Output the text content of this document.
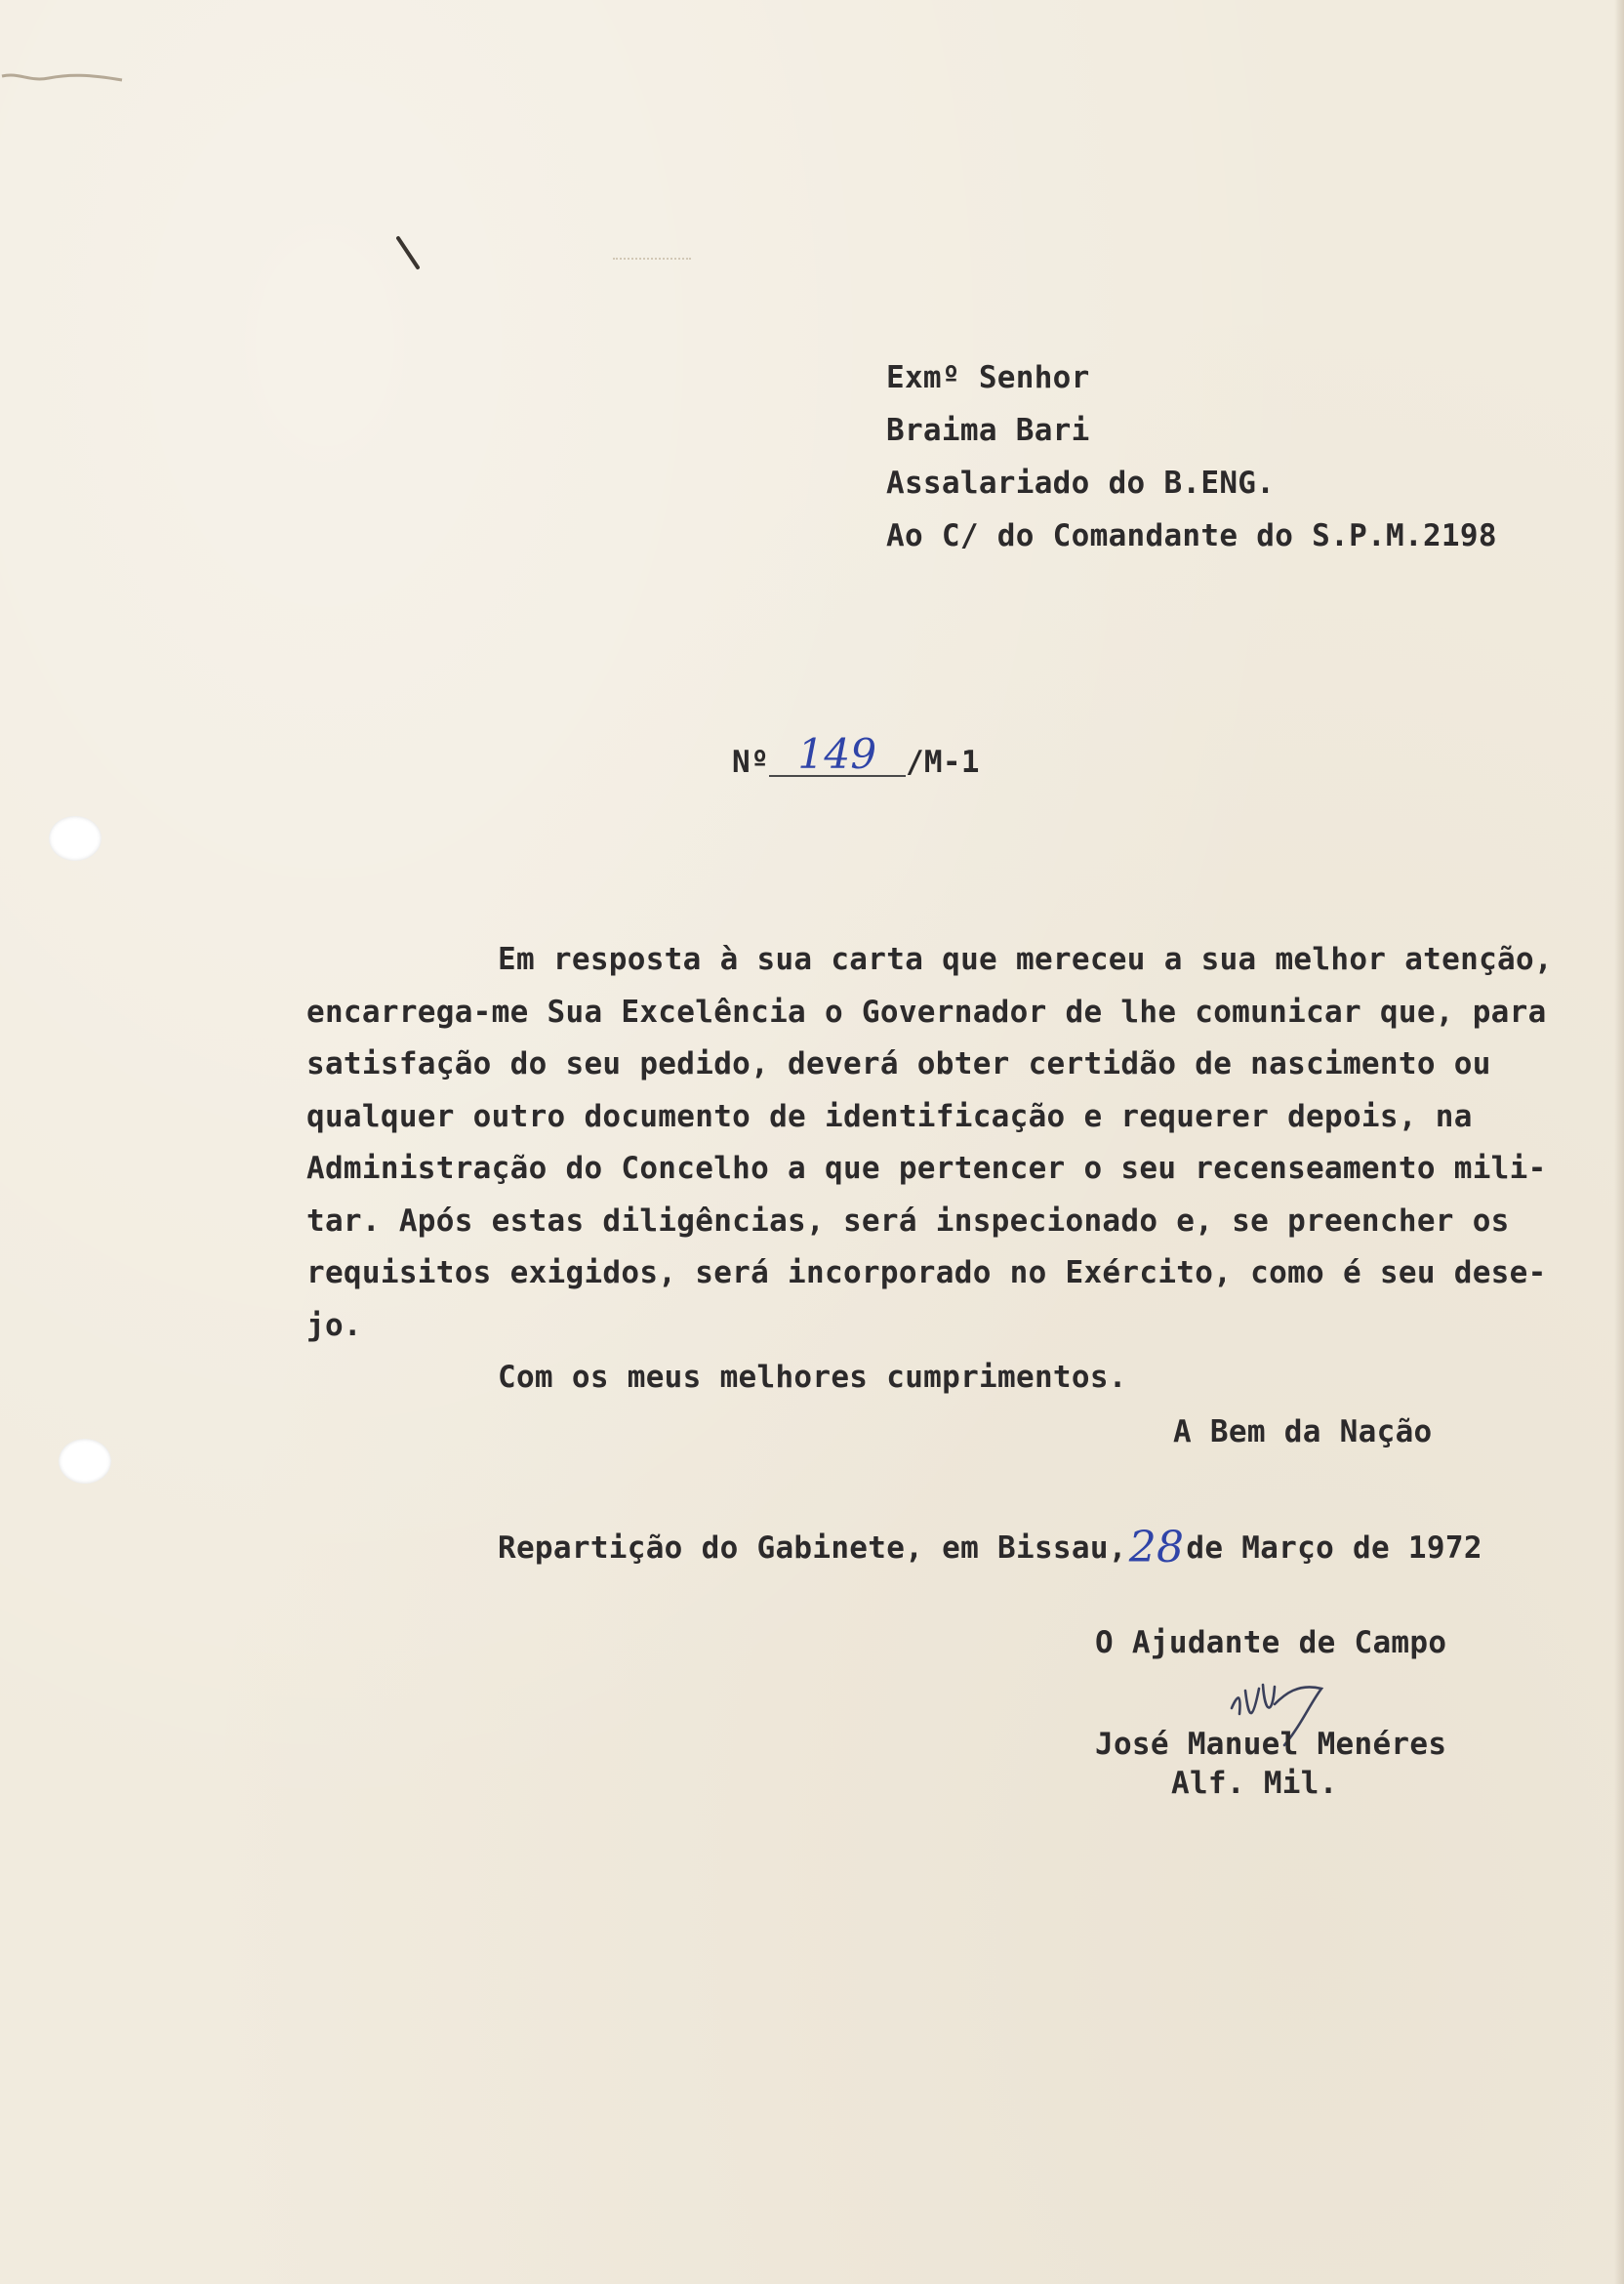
Exmº Senhor
Braima Bari
Assalariado do B.ENG.
Ao C/ do Comandante do S.P.M.2198
Nº 149 /M-1
Em resposta à sua carta que mereceu a sua melhor atenção,
encarrega-me Sua Excelência o Governador de lhe comunicar que, para
satisfação do seu pedido, deverá obter certidão de nascimento ou
qualquer outro documento de identificação e requerer depois, na
Administração do Concelho a que pertencer o seu recenseamento mili-
tar. Após estas diligências, será inspecionado e, se preencher os
requisitos exigidos, será incorporado no Exército, como é seu dese-
jo.
Com os meus melhores cumprimentos.
A Bem da Nação
Repartição do Gabinete, em Bissau,28de Março de 1972
O Ajudante de Campo
José Manuel Menéres
Alf. Mil.
